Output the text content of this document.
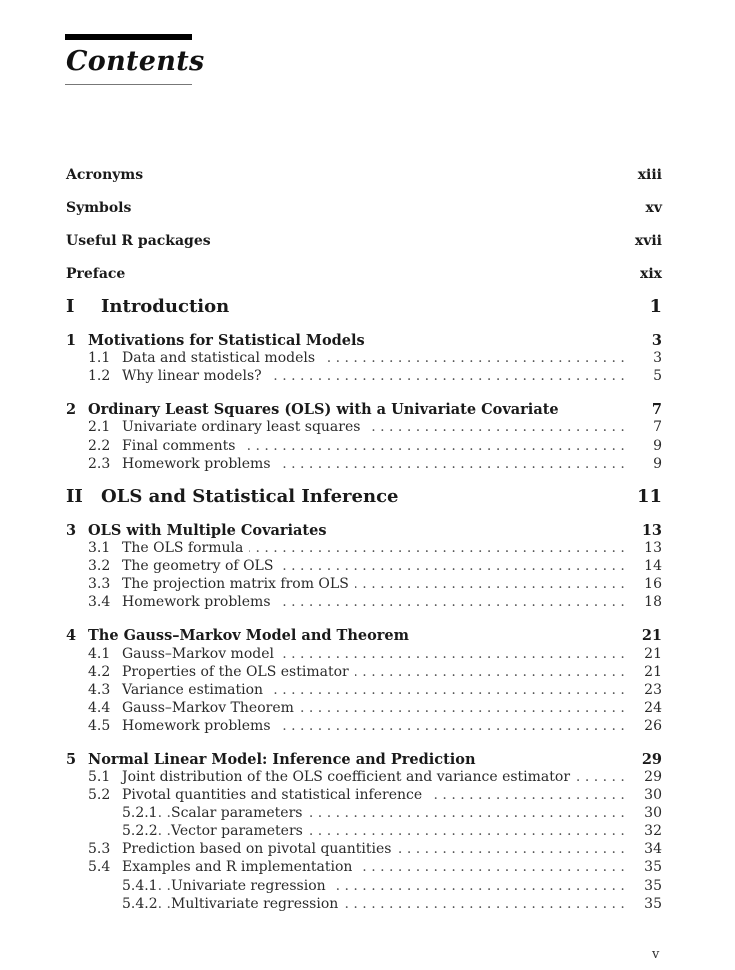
Contents
Acronyms	xiii
Symbols	xv
Useful R packages	xvii
Preface	xix
I Introduction	1
1 Motivations for Statistical Models	3
1.1 . . . Data and statistical models	3
1.2 . . . Why linear models?	5
2 Ordinary Least Squares (OLS) with a Univariate Covariate	7
2.1 . . . Univariate ordinary least squares	7
2.2 . . . Final comments	9
2.3 . . . Homework problems	9
II OLS and Statistical Inference	11
3 OLS with Multiple Covariates	13
3.1 . . . The OLS formula	13
3.2 . . . The geometry of OLS	14
3.3 . . . The projection matrix from OLS	16
3.4 . . . Homework problems	18
4 The Gauss–Markov Model and Theorem	21
4.1 . . . Gauss–Markov model	21
4.2 . . . Properties of the OLS estimator	21
4.3 . . . Variance estimation	23
4.4 . . . Gauss–Markov Theorem	24
4.5 . . . Homework problems	26
5 Normal Linear Model: Inference and Prediction	29
5.1 . . . Joint distribution of the OLS coefficient and variance estimator	29
5.2 . . . Pivotal quantities and statistical inference	30
5.2.1 . . . Scalar parameters	30
5.2.2 . . . Vector parameters	32
5.3 . . . Prediction based on pivotal quantities	34
5.4 . . . Examples and R implementation	35
5.4.1 . . . Univariate regression	35
5.4.2 . . . Multivariate regression	35
v
